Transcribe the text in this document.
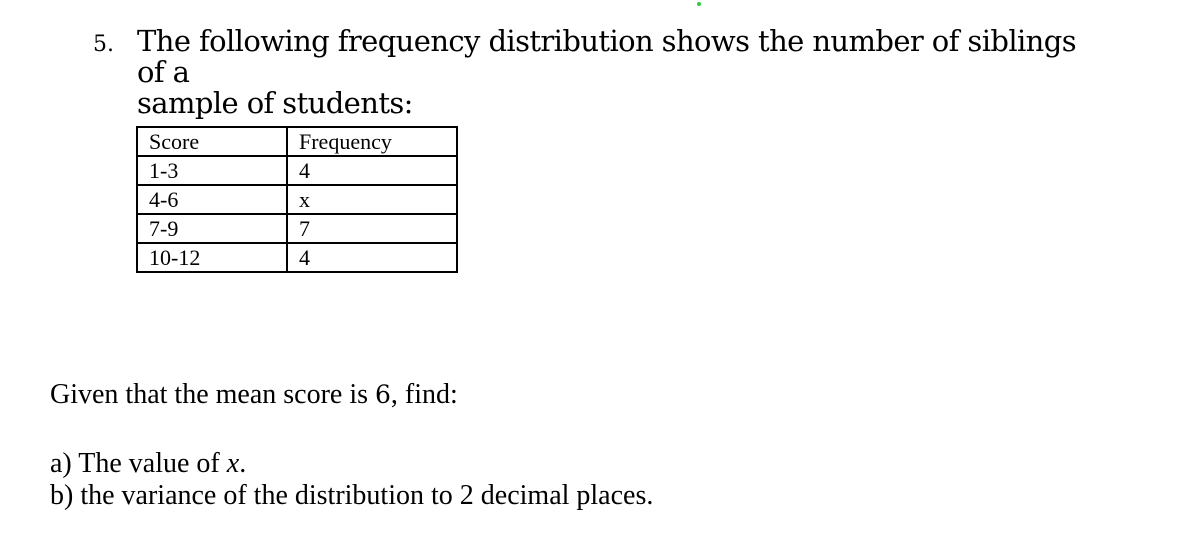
5. The following frequency distribution shows the number of siblings of a
sample of students:
Score	Frequency
1-3	4
4-6	x
7-9	7
10-12	4
Given that the mean score is 6, find:
a) The value of x.
b) the variance of the distribution to 2 decimal places.
